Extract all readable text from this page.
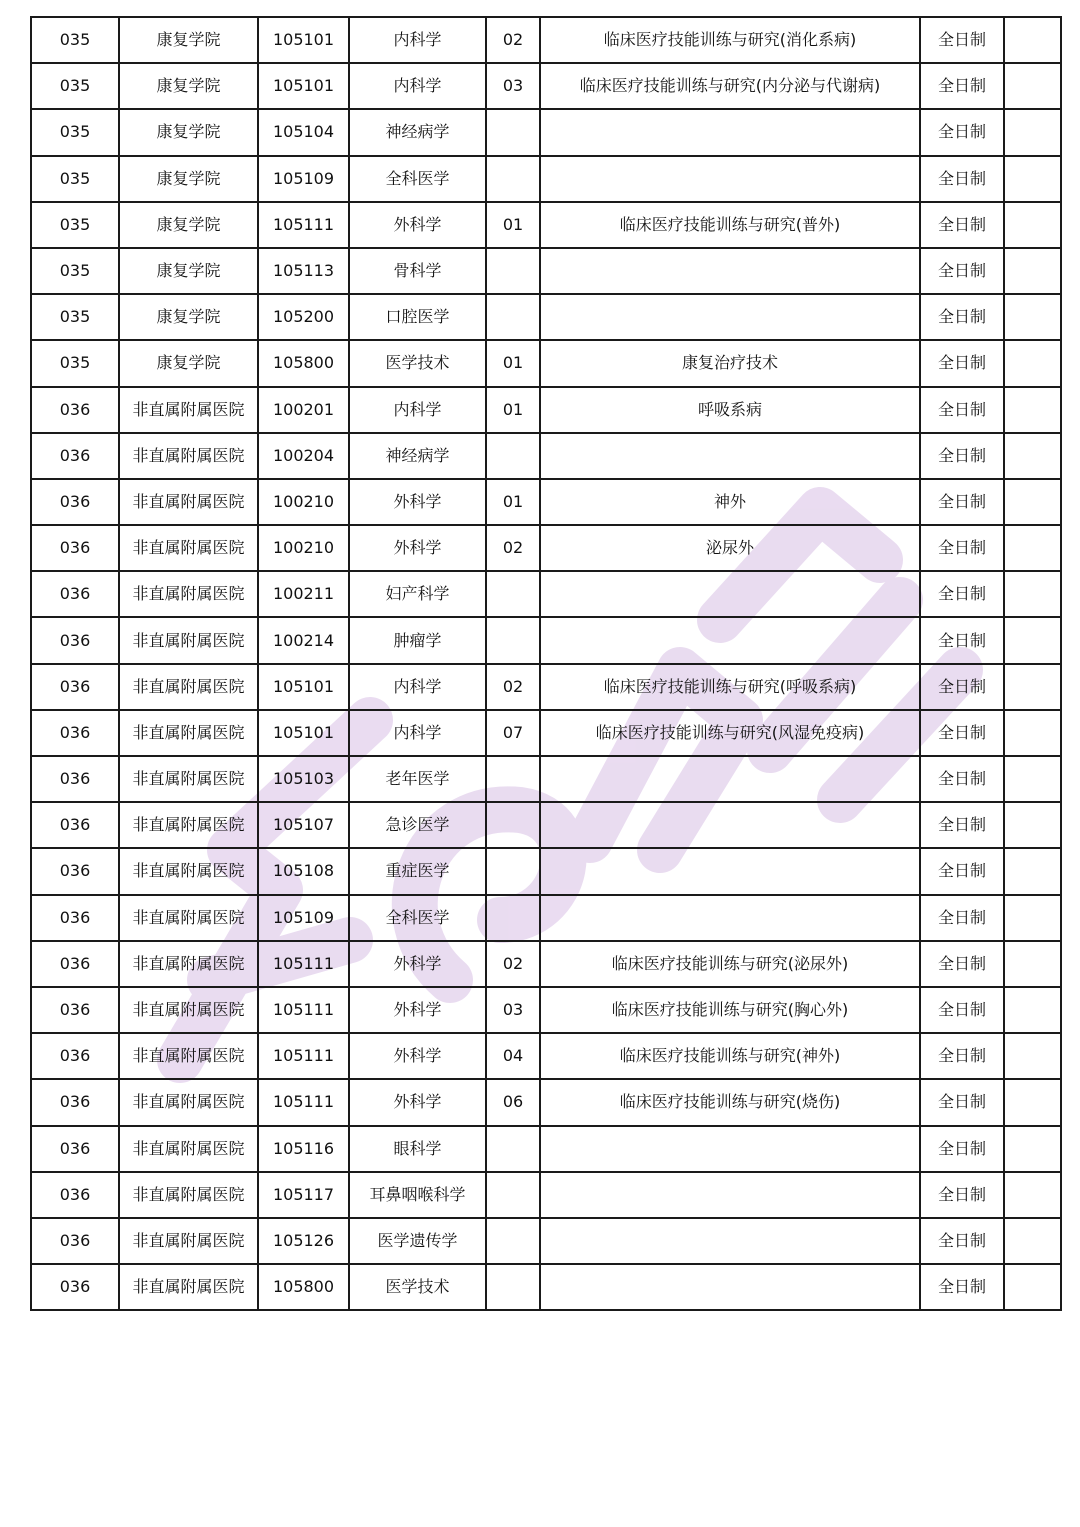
035	康复学院	105101	内科学	02	临床医疗技能训练与研究(消化系病)	全日制	
035	康复学院	105101	内科学	03	临床医疗技能训练与研究(内分泌与代谢病)	全日制	
035	康复学院	105104	神经病学			全日制	
035	康复学院	105109	全科医学			全日制	
035	康复学院	105111	外科学	01	临床医疗技能训练与研究(普外)	全日制	
035	康复学院	105113	骨科学			全日制	
035	康复学院	105200	口腔医学			全日制	
035	康复学院	105800	医学技术	01	康复治疗技术	全日制	
036	非直属附属医院	100201	内科学	01	呼吸系病	全日制	
036	非直属附属医院	100204	神经病学			全日制	
036	非直属附属医院	100210	外科学	01	神外	全日制	
036	非直属附属医院	100210	外科学	02	泌尿外	全日制	
036	非直属附属医院	100211	妇产科学			全日制	
036	非直属附属医院	100214	肿瘤学			全日制	
036	非直属附属医院	105101	内科学	02	临床医疗技能训练与研究(呼吸系病)	全日制	
036	非直属附属医院	105101	内科学	07	临床医疗技能训练与研究(风湿免疫病)	全日制	
036	非直属附属医院	105103	老年医学			全日制	
036	非直属附属医院	105107	急诊医学			全日制	
036	非直属附属医院	105108	重症医学			全日制	
036	非直属附属医院	105109	全科医学			全日制	
036	非直属附属医院	105111	外科学	02	临床医疗技能训练与研究(泌尿外)	全日制	
036	非直属附属医院	105111	外科学	03	临床医疗技能训练与研究(胸心外)	全日制	
036	非直属附属医院	105111	外科学	04	临床医疗技能训练与研究(神外)	全日制	
036	非直属附属医院	105111	外科学	06	临床医疗技能训练与研究(烧伤)	全日制	
036	非直属附属医院	105116	眼科学			全日制	
036	非直属附属医院	105117	耳鼻咽喉科学			全日制	
036	非直属附属医院	105126	医学遗传学			全日制	
036	非直属附属医院	105800	医学技术			全日制	
